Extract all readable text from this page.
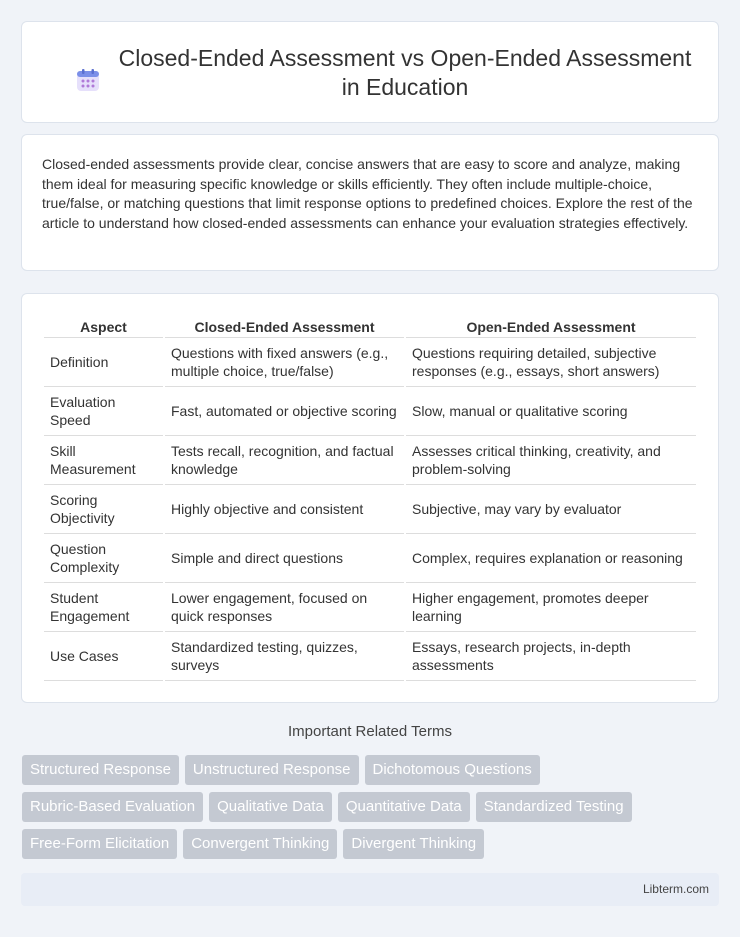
Closed-Ended Assessment vs Open-Ended Assessment in Education

Closed-ended assessments provide clear, concise answers that are easy to score and analyze, making them ideal for measuring specific knowledge or skills efficiently. They often include multiple-choice, true/false, or matching questions that limit response options to predefined choices. Explore the rest of the article to understand how closed-ended assessments can enhance your evaluation strategies effectively.

Aspect	Closed-Ended Assessment	Open-Ended Assessment
Definition	Questions with fixed answers (e.g., multiple choice, true/false)	Questions requiring detailed, subjective responses (e.g., essays, short answers)
Evaluation Speed	Fast, automated or objective scoring	Slow, manual or qualitative scoring
Skill Measurement	Tests recall, recognition, and factual knowledge	Assesses critical thinking, creativity, and problem-solving
Scoring Objectivity	Highly objective and consistent	Subjective, may vary by evaluator
Question Complexity	Simple and direct questions	Complex, requires explanation or reasoning
Student Engagement	Lower engagement, focused on quick responses	Higher engagement, promotes deeper learning
Use Cases	Standardized testing, quizzes, surveys	Essays, research projects, in-depth assessments
Important Related Terms
Structured Response	Unstructured Response	Dichotomous Questions
Rubric-Based Evaluation	Qualitative Data	Quantitative Data	Standardized Testing
Free-Form Elicitation	Convergent Thinking	Divergent Thinking
Libterm.com
